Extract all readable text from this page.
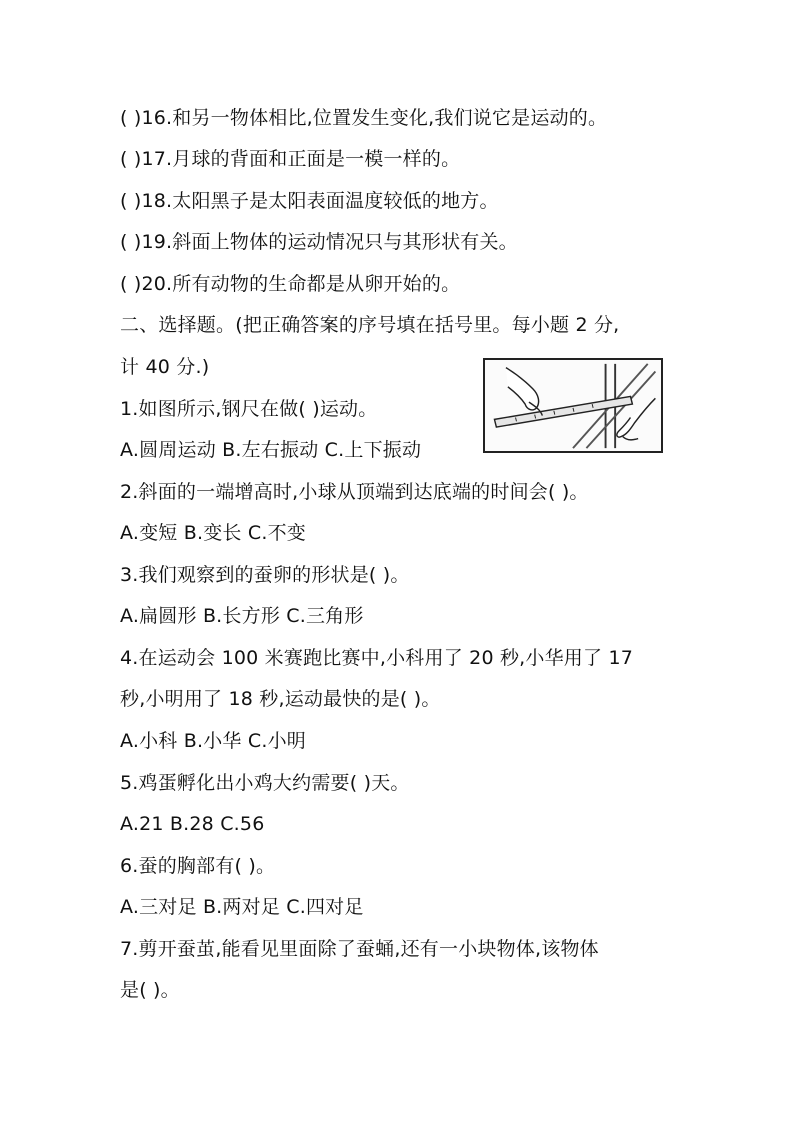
( )16.和另一物体相比,位置发生变化,我们说它是运动的。
( )17.月球的背面和正面是一模一样的。
( )18.太阳黑子是太阳表面温度较低的地方。
( )19.斜面上物体的运动情况只与其形状有关。
( )20.所有动物的生命都是从卵开始的。
二、选择题。(把正确答案的序号填在括号里。每小题 2 分,
计 40 分.)
1.如图所示,钢尺在做( )运动。
A.圆周运动 B.左右振动 C.上下振动
2.斜面的一端增高时,小球从顶端到达底端的时间会( )。
A.变短 B.变长 C.不变
3.我们观察到的蚕卵的形状是( )。
A.扁圆形 B.长方形 C.三角形
4.在运动会 100 米赛跑比赛中,小科用了 20 秒,小华用了 17
秒,小明用了 18 秒,运动最快的是( )。
A.小科 B.小华 C.小明
5.鸡蛋孵化出小鸡大约需要( )天。
A.21 B.28 C.56
6.蚕的胸部有( )。
A.三对足 B.两对足 C.四对足
7.剪开蚕茧,能看见里面除了蚕蛹,还有一小块物体,该物体
是( )。
